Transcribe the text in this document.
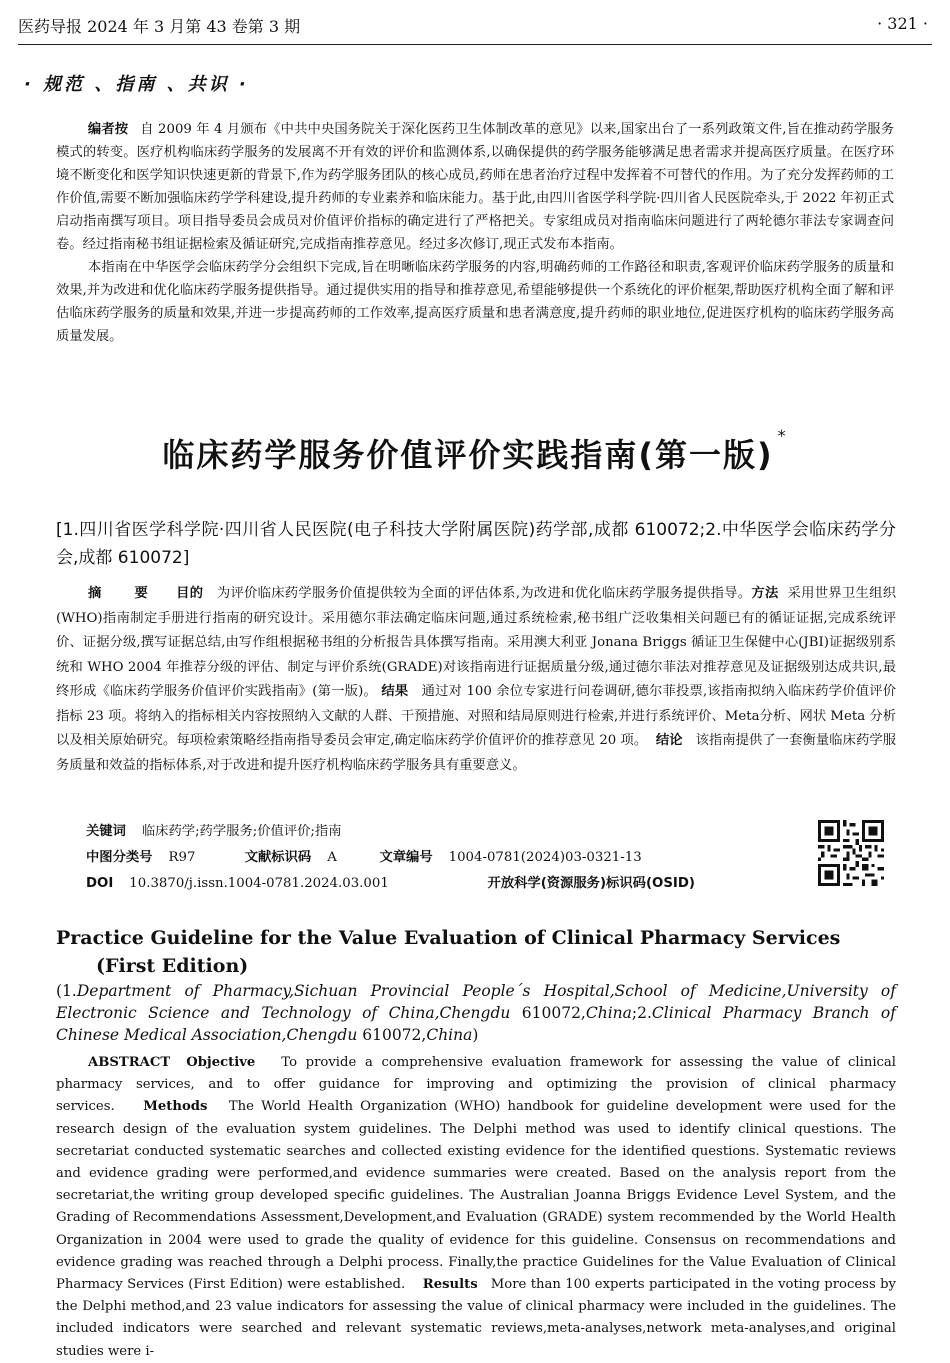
医药导报 2024 年 3 月第 43 卷第 3 期	· 321 ·
· 规范 、指南 、共识 ·

编者按 自 2009 年 4 月颁布《中共中央国务院关于深化医药卫生体制改革的意见》以来,国家出台了一系列政策文件,旨在推动药学服务模式的转变。医疗机构临床药学服务的发展离不开有效的评价和监测体系,以确保提供的药学服务能够满足患者需求并提高医疗质量。在医疗环境不断变化和医学知识快速更新的背景下,作为药学服务团队的核心成员,药师在患者治疗过程中发挥着不可替代的作用。为了充分发挥药师的工作价值,需要不断加强临床药学学科建设,提升药师的专业素养和临床能力。基于此,由四川省医学科学院·四川省人民医院牵头,于 2022 年初正式启动指南撰写项目。项目指导委员会成员对价值评价指标的确定进行了严格把关。专家组成员对指南临床问题进行了两轮德尔菲法专家调查问卷。经过指南秘书组证据检索及循证研究,完成指南推荐意见。经过多次修订,现正式发布本指南。

本指南在中华医学会临床药学分会组织下完成,旨在明晰临床药学服务的内容,明确药师的工作路径和职责,客观评价临床药学服务的质量和效果,并为改进和优化临床药学服务提供指导。通过提供实用的指导和推荐意见,希望能够提供一个系统化的评价框架,帮助医疗机构全面了解和评估临床药学服务的质量和效果,并进一步提高药师的工作效率,提高医疗质量和患者满意度,提升药师的职业地位,促进医疗机构的临床药学服务高质量发展。

临床药学服务价值评价实践指南(第一版)*
[1.四川省医学科学院·四川省人民医院(电子科技大学附属医院)药学部,成都 610072;2.中华医学会临床药学分会,成都 610072]
摘 要 目的 为评价临床药学服务价值提供较为全面的评估体系,为改进和优化临床药学服务提供指导。方法 采用世界卫生组织(WHO)指南制定手册进行指南的研究设计。采用德尔菲法确定临床问题,通过系统检索,秘书组广泛收集相关问题已有的循证证据,完成系统评价、证据分级,撰写证据总结,由写作组根据秘书组的分析报告具体撰写指南。采用澳大利亚 Jonana Briggs 循证卫生保健中心(JBI)证据级别系统和 WHO 2004 年推荐分级的评估、制定与评价系统(GRADE)对该指南进行证据质量分级,通过德尔菲法对推荐意见及证据级别达成共识,最终形成《临床药学服务价值评价实践指南》(第一版)。 结果 通过对 100 余位专家进行问卷调研,德尔菲投票,该指南拟纳入临床药学价值评价指标 23 项。将纳入的指标相关内容按照纳入文献的人群、干预措施、对照和结局原则进行检索,并进行系统评价、Meta分析、网状 Meta 分析以及相关原始研究。每项检索策略经指南指导委员会审定,确定临床药学价值评价的推荐意见 20 项。 结论 该指南提供了一套衡量临床药学服务质量和效益的指标体系,对于改进和提升医疗机构临床药学服务具有重要意义。
关键词 临床药学;药学服务;价值评价;指南
中图分类号 R97	文献标识码 A	文章编号 1004-0781(2024)03-0321-13
DOI 10.3870/j.issn.1004-0781.2024.03.001	开放科学(资源服务)标识码(OSID)
Practice Guideline for the Value Evaluation of Clinical Pharmacy Services
(First Edition)
(1.Department of Pharmacy,Sichuan Provincial People´s Hospital,School of Medicine,University of Electronic Science and Technology of China,Chengdu 610072,China;2.Clinical Pharmacy Branch of Chinese Medical Association,Chengdu 610072,China)
ABSTRACT Objective To provide a comprehensive evaluation framework for assessing the value of clinical pharmacy services, and to offer guidance for improving and optimizing the provision of clinical pharmacy services. Methods The World Health Organization (WHO) handbook for guideline development were used for the research design of the evaluation system guidelines. The Delphi method was used to identify clinical questions. The secretariat conducted systematic searches and collected existing evidence for the identified questions. Systematic reviews and evidence grading were performed,and evidence summaries were created. Based on the analysis report from the secretariat,the writing group developed specific guidelines. The Australian Joanna Briggs Evidence Level System, and the Grading of Recommendations Assessment,Development,and Evaluation (GRADE) system recommended by the World Health Organization in 2004 were used to grade the quality of evidence for this guideline. Consensus on recommendations and evidence grading was reached through a Delphi process. Finally,the practice Guidelines for the Value Evaluation of Clinical Pharmacy Services (First Edition) were established. Results More than 100 experts participated in the voting process by the Delphi method,and 23 value indicators for assessing the value of clinical pharmacy were included in the guidelines. The included indicators were searched and relevant systematic reviews,meta-analyses,network meta-analyses,and original studies were i-
